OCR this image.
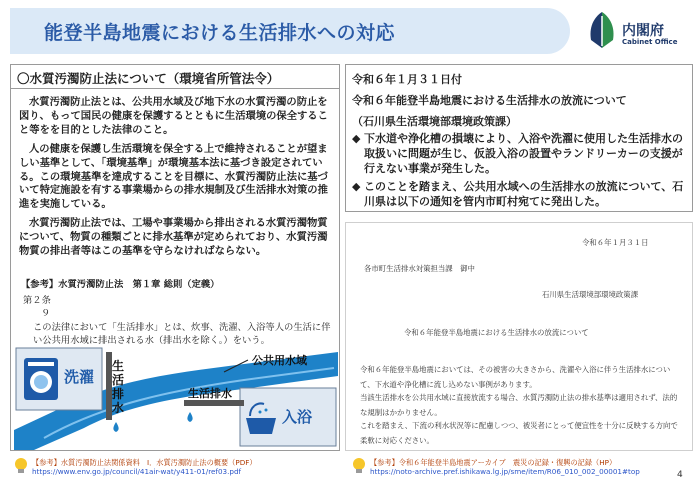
能登半島地震における生活排水への対応	内閣府
Cabinet Office
〇水質汚濁防止法について（環境省所管法令）
水質汚濁防止法とは、公共用水域及び地下水の水質汚濁の防止を図り、もって国民の健康を保護するとともに生活環境の保全すること等をを目的とした法律のこと。
人の健康を保護し生活環境を保全する上で維持されることが望ましい基準として、「環境基準」が環境基本法に基づき設定されている。この環境基準を達成することを目標に、水質汚濁防止法に基づいて特定施設を有する事業場からの排水規制及び生活排水対策の推進を実施している。
水質汚濁防止法では、工場や事業場から排出される水質汚濁物質について、物質の種類ごとに排水基準が定められており、水質汚濁物質の排出者等はこの基準を守らなければならない。
【参考】水質汚濁防止法　第１章 総則（定義）
第２条
９
この法律において「生活排水」とは、炊事、洗濯、入浴等人の生活に伴い公共用水域に排出される水（排出水を除く。）をいう。
洗濯
生
活
排
水
公共用水域
生活排水
入浴
令和６年１月３１日付
令和６年能登半島地震における生活排水の放流について
（石川県生活環境部環境政策課）
◆ 下水道や浄化槽の損壊により、入浴や洗濯に使用した生活排水の取扱いに問題が生じ、仮設入浴の設置やランドリーカーの支援が行えない事業が発生した。
◆ このことを踏まえ、公共用水域への生活排水の放流について、石川県は以下の通知を管内市町村宛てに発出した。
令和６年１月３１日
各市町生活排水対策担当課　御中
石川県生活環境部環境政策課
令和６年能登半島地震における生活排水の放流について
令和６年能登半島地震においては、その被害の大きさから、洗濯や入浴に伴う生活排水について、下水道や浄化槽に流し込めない事例があります。
当該生活排水を公共用水域に直接放流する場合、水質汚濁防止法の排水基準は適用されず、法的な規制はかかりません。
これを踏まえ、下流の利水状況等に配慮しつつ、被災者にとって便宜性を十分に反映する方向で柔軟に対応ください。
【参考】水質汚濁防止法関係資料　Ⅰ．水質汚濁防止法の概要（PDF）
https://www.env.go.jp/council/41air-wat/y411-01/ref03.pdf
【参考】令和６年能登半島地震アーカイブ　震災の記録・復興の記録（HP）
https://noto-archive.pref.ishikawa.lg.jp/sme/item/R06_010_002_00001#top	4
